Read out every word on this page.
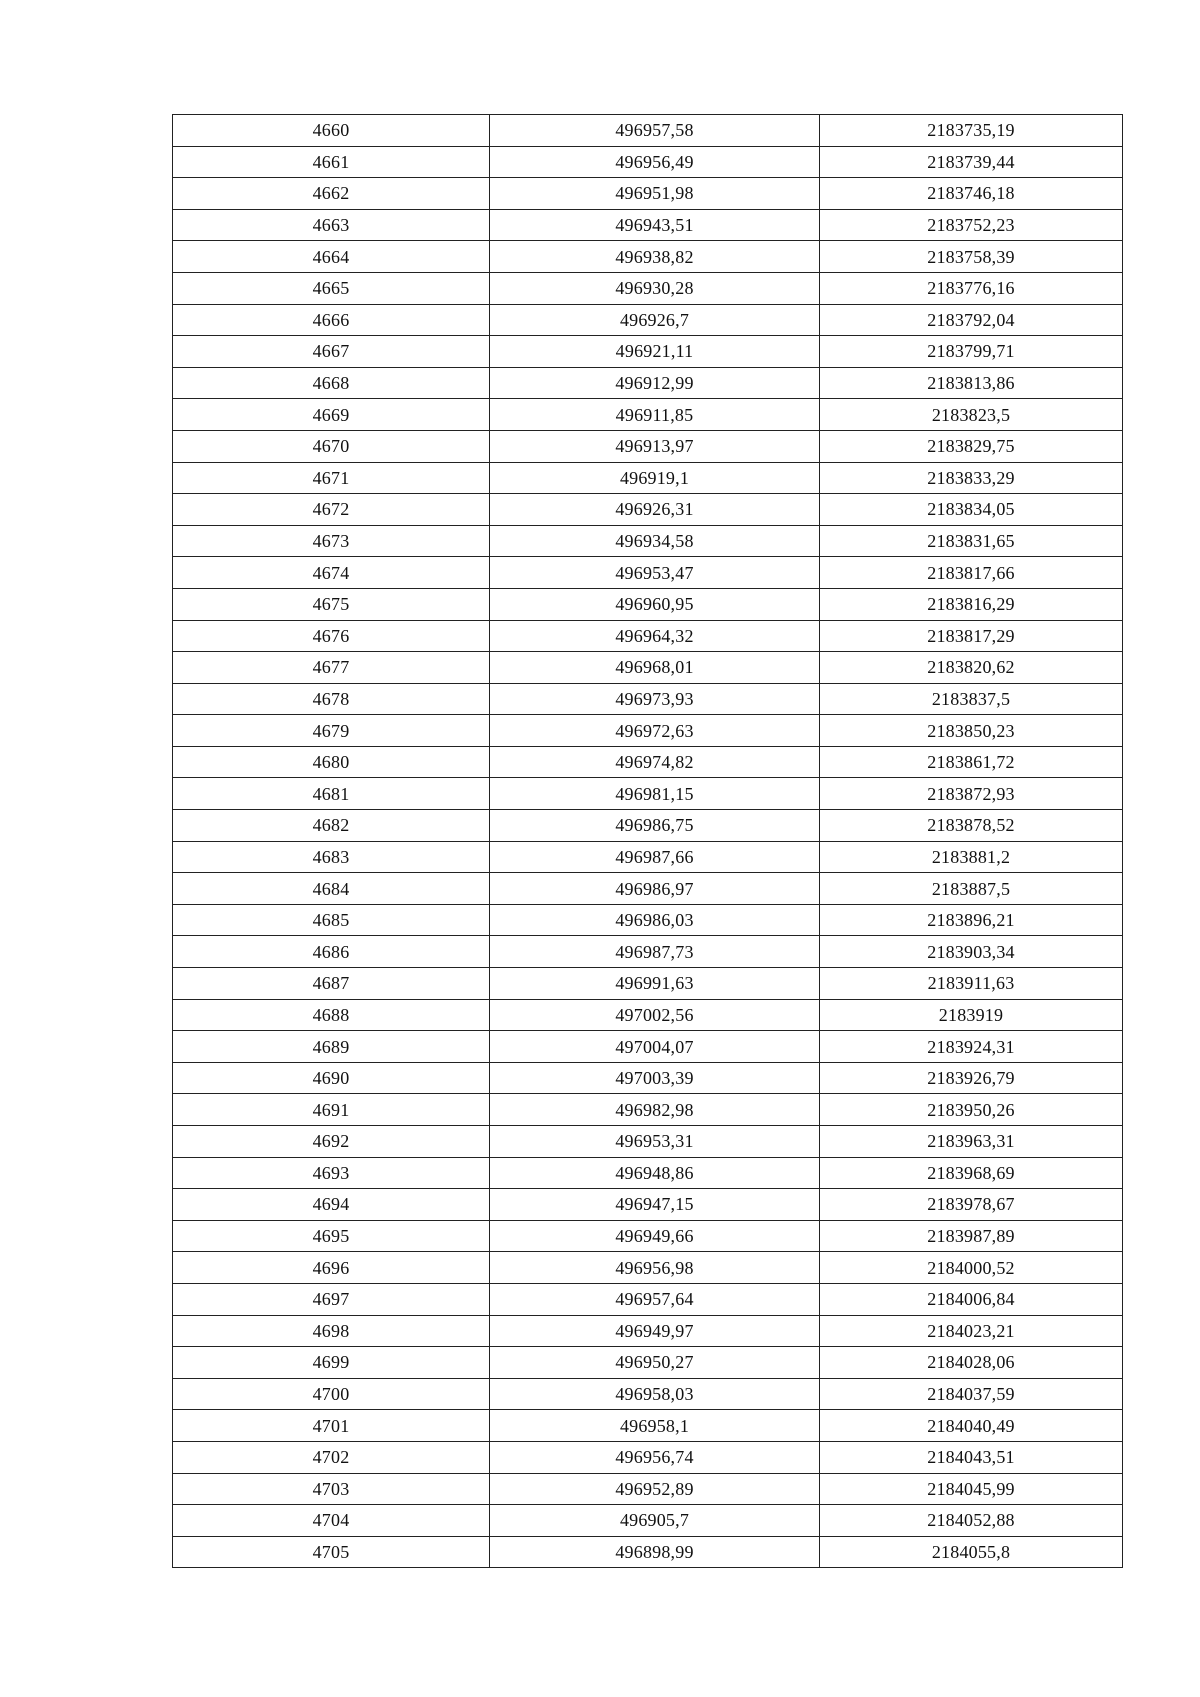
4660	496957,58	2183735,19
4661	496956,49	2183739,44
4662	496951,98	2183746,18
4663	496943,51	2183752,23
4664	496938,82	2183758,39
4665	496930,28	2183776,16
4666	496926,7	2183792,04
4667	496921,11	2183799,71
4668	496912,99	2183813,86
4669	496911,85	2183823,5
4670	496913,97	2183829,75
4671	496919,1	2183833,29
4672	496926,31	2183834,05
4673	496934,58	2183831,65
4674	496953,47	2183817,66
4675	496960,95	2183816,29
4676	496964,32	2183817,29
4677	496968,01	2183820,62
4678	496973,93	2183837,5
4679	496972,63	2183850,23
4680	496974,82	2183861,72
4681	496981,15	2183872,93
4682	496986,75	2183878,52
4683	496987,66	2183881,2
4684	496986,97	2183887,5
4685	496986,03	2183896,21
4686	496987,73	2183903,34
4687	496991,63	2183911,63
4688	497002,56	2183919
4689	497004,07	2183924,31
4690	497003,39	2183926,79
4691	496982,98	2183950,26
4692	496953,31	2183963,31
4693	496948,86	2183968,69
4694	496947,15	2183978,67
4695	496949,66	2183987,89
4696	496956,98	2184000,52
4697	496957,64	2184006,84
4698	496949,97	2184023,21
4699	496950,27	2184028,06
4700	496958,03	2184037,59
4701	496958,1	2184040,49
4702	496956,74	2184043,51
4703	496952,89	2184045,99
4704	496905,7	2184052,88
4705	496898,99	2184055,8
